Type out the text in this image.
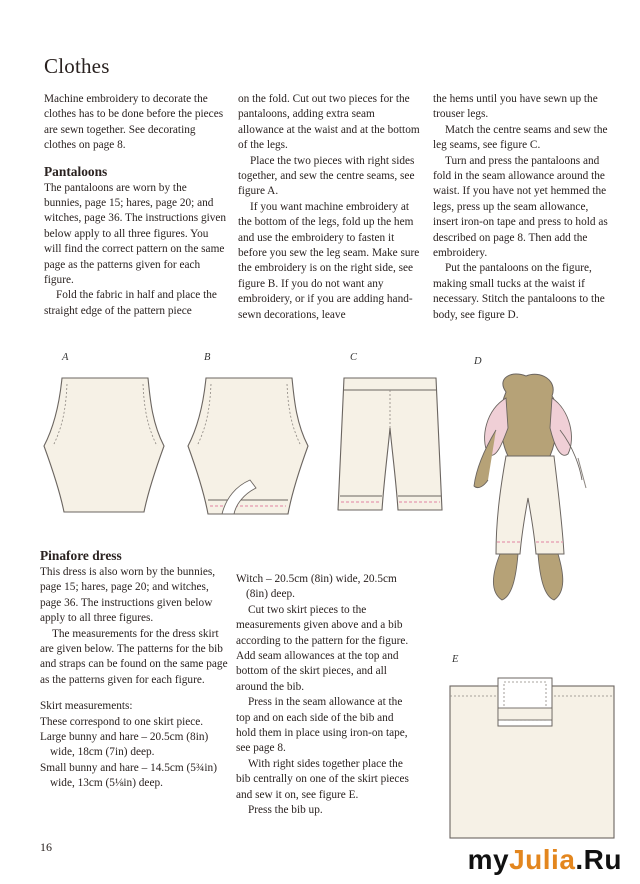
Clothes

Machine embroidery to decorate the clothes has to be done before the pieces are sewn together. See decorating clothes on page 8.

Pantaloons

The pantaloons are worn by the bunnies, page 15; hares, page 20; and witches, page 36. The instructions given below apply to all three figures. You will find the correct pattern on the same page as the patterns given for each figure.

Fold the fabric in half and place the straight edge of the pattern piece

on the fold. Cut out two pieces for the pantaloons, adding extra seam allowance at the waist and at the bottom of the legs.

Place the two pieces with right sides together, and sew the centre seams, see figure A.

If you want machine embroidery at the bottom of the legs, fold up the hem and use the embroidery to fasten it before you sew the leg seam. Make sure the embroidery is on the right side, see figure B. If you do not want any embroidery, or if you are adding hand-sewn decorations, leave

the hems until you have sewn up the trouser legs.

Match the centre seams and sew the leg seams, see figure C.

Turn and press the pantaloons and fold in the seam allowance around the waist. If you have not yet hemmed the legs, press up the seam allowance, insert iron-on tape and press to hold as described on page 8. Then add the embroidery.

Put the pantaloons on the figure, making small tucks at the waist if necessary. Stitch the pantaloons to the body, see figure D.

A	B	C	D
E
Pinafore dress

This dress is also worn by the bunnies, page 15; hares, page 20; and witches, page 36. The instructions given below apply to all three figures.

The measurements for the dress skirt are given below. The patterns for the bib and straps can be found on the same page as the patterns given for each figure.

Skirt measurements:

These correspond to one skirt piece.

Large bunny and hare – 20.5cm (8in) wide, 18cm (7in) deep.

Small bunny and hare – 14.5cm (5¾in) wide, 13cm (5⅛in) deep.

Witch – 20.5cm (8in) wide, 20.5cm (8in) deep.

Cut two skirt pieces to the measurements given above and a bib according to the pattern for the figure. Add seam allowances at the top and bottom of the skirt pieces, and all around the bib.

Press in the seam allowance at the top and on each side of the bib and hold them in place using iron-on tape, see page 8.

With right sides together place the bib centrally on one of the skirt pieces and sew it on, see figure E.

Press the bib up.

16	myJulia.Ru
